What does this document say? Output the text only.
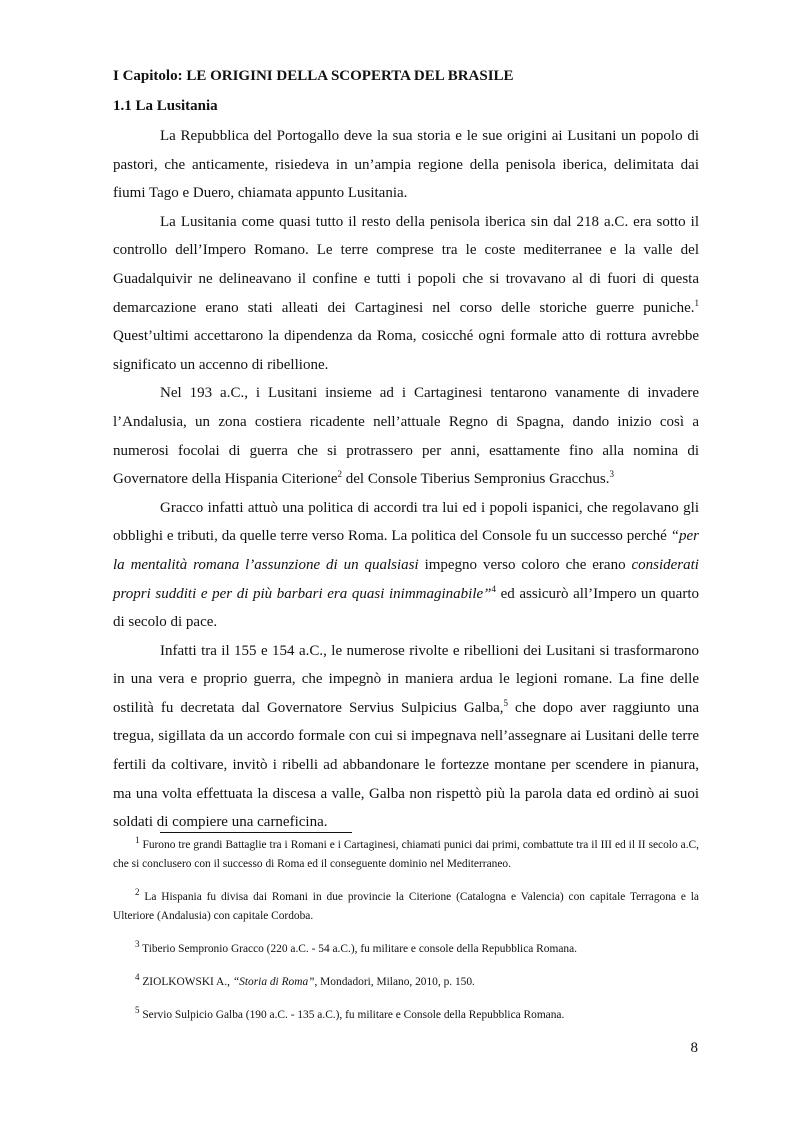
I Capitolo: LE ORIGINI DELLA SCOPERTA DEL BRASILE
1.1 La Lusitania

La Repubblica del Portogallo deve la sua storia e le sue origini ai Lusitani un popolo di pastori, che anticamente, risiedeva in un’ampia regione della penisola iberica, delimitata dai fiumi Tago e Duero, chiamata appunto Lusitania.

La Lusitania come quasi tutto il resto della penisola iberica sin dal 218 a.C. era sotto il controllo dell’Impero Romano. Le terre comprese tra le coste mediterranee e la valle del Guadalquivir ne delineavano il confine e tutti i popoli che si trovavano al di fuori di questa demarcazione erano stati alleati dei Cartaginesi nel corso delle storiche guerre puniche.$^1$ Quest’ultimi accettarono la dipendenza da Roma, cosicché ogni formale atto di rottura avrebbe significato un accenno di ribellione.

Nel 193 a.C., i Lusitani insieme ad i Cartaginesi tentarono vanamente di invadere l’Andalusia, un zona costiera ricadente nell’attuale Regno di Spagna, dando inizio così a numerosi focolai di guerra che si protrassero per anni, esattamente fino alla nomina di Governatore della Hispania Citerione$^2$ del Console Tiberius Sempronius Gracchus.$^3$

Gracco infatti attuò una politica di accordi tra lui ed i popoli ispanici, che regolavano gli obblighi e tributi, da quelle terre verso Roma. La politica del Console fu un successo perché “per la mentalità romana l’assunzione di un qualsiasi impegno verso coloro che erano considerati propri sudditi e per di più barbari era quasi inimmaginabile”$^4$ ed assicurò all’Impero un quarto di secolo di pace.

Infatti tra il 155 e 154 a.C., le numerose rivolte e ribellioni dei Lusitani si trasformarono in una vera e proprio guerra, che impegnò in maniera ardua le legioni romane. La fine delle ostilità fu decretata dal Governatore Servius Sulpicius Galba,$^5$ che dopo aver raggiunto una tregua, sigillata da un accordo formale con cui si impegnava nell’assegnare ai Lusitani delle terre fertili da coltivare, invitò i ribelli ad abbandonare le fortezze montane per scendere in pianura, ma una volta effettuata la discesa a valle, Galba non rispettò più la parola data ed ordinò ai suoi soldati di compiere una carneficina.

$^1$ Furono tre grandi Battaglie tra i Romani e i Cartaginesi, chiamati punici dai primi, combattute tra il III ed il II secolo a.C, che si conclusero con il successo di Roma ed il conseguente dominio nel Mediterraneo.

$^2$ La Hispania fu divisa dai Romani in due provincie la Citerione (Catalogna e Valencia) con capitale Terragona e la Ulteriore (Andalusia) con capitale Cordoba.

$^3$ Tiberio Sempronio Gracco (220 a.C. - 54 a.C.), fu militare e console della Repubblica Romana.

$^4$ ZIOLKOWSKI A., “Storia di Roma”, Mondadori, Milano, 2010, p. 150.

$^5$ Servio Sulpicio Galba (190 a.C. - 135 a.C.), fu militare e Console della Repubblica Romana.

8
